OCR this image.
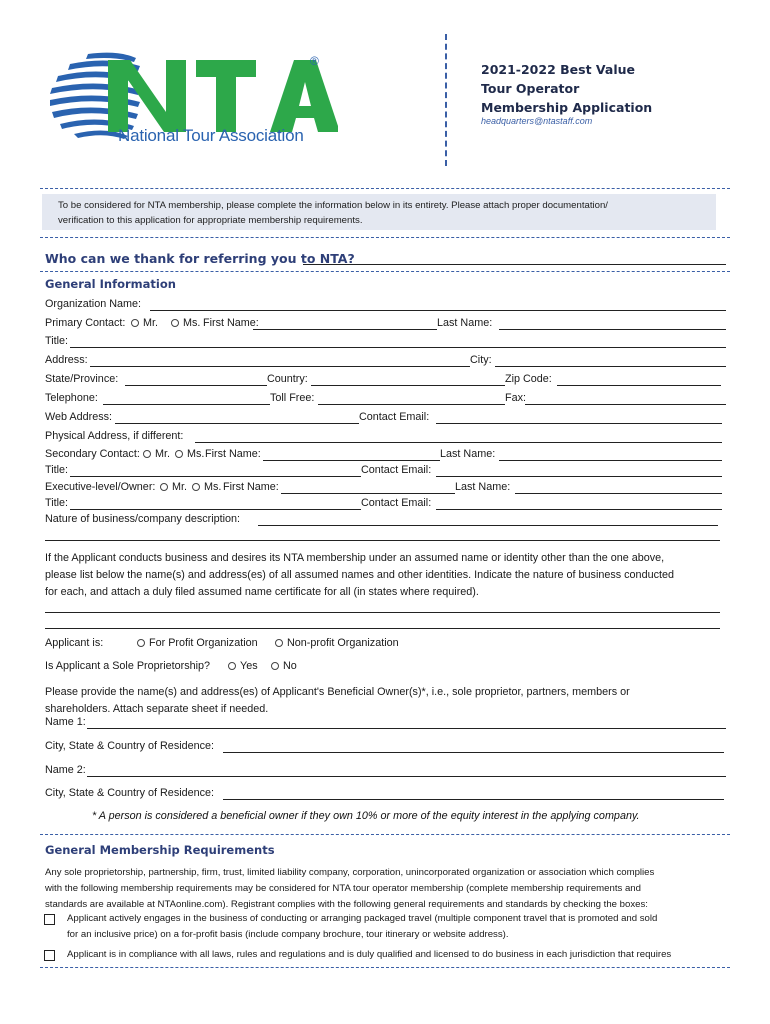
®
National Tour Association
2021-2022 Best Value
Tour Operator
Membership Application
headquarters@ntastaff.com
To be considered for NTA membership, please complete the information below in its entirety. Please attach proper documentation/
verification to this application for appropriate membership requirements.
Who can we thank for referring you to NTA?
General Information
Organization Name:
Primary Contact:	Mr.	Ms. First Name:	Last Name:
Title:
Address:	City:
State/Province:	Country:	Zip Code:
Telephone:	Toll Free:	Fax:
Web Address:	Contact Email:
Physical Address, if different:
Secondary Contact:	Mr.	Ms. First Name:	Last Name:
Title:	Contact Email:
Executive-level/Owner:	Mr.	Ms. First Name:	Last Name:
Title:	Contact Email:
Nature of business/company description:
If the Applicant conducts business and desires its NTA membership under an assumed name or identity other than the one above,
please list below the name(s) and address(es) of all assumed names and other identities. Indicate the nature of business conducted
for each, and attach a duly filed assumed name certificate for all (in states where required).
Applicant is:	For Profit Organization	Non-profit Organization
Is Applicant a Sole Proprietorship?	Yes	No
Please provide the name(s) and address(es) of Applicant's Beneficial Owner(s)*, i.e., sole proprietor, partners, members or
shareholders. Attach separate sheet if needed.
Name 1:
City, State & Country of Residence:
Name 2:
City, State & Country of Residence:
* A person is considered a beneficial owner if they own 10% or more of the equity interest in the applying company.
General Membership Requirements
Any sole proprietorship, partnership, firm, trust, limited liability company, corporation, unincorporated organization or association which complies
with the following membership requirements may be considered for NTA tour operator membership (complete membership requirements and
standards are available at NTAonline.com). Registrant complies with the following general requirements and standards by checking the boxes:
Applicant actively engages in the business of conducting or arranging packaged travel (multiple component travel that is promoted and sold
for an inclusive price) on a for-profit basis (include company brochure, tour itinerary or website address).
Applicant is in compliance with all laws, rules and regulations and is duly qualified and licensed to do business in each jurisdiction that requires
